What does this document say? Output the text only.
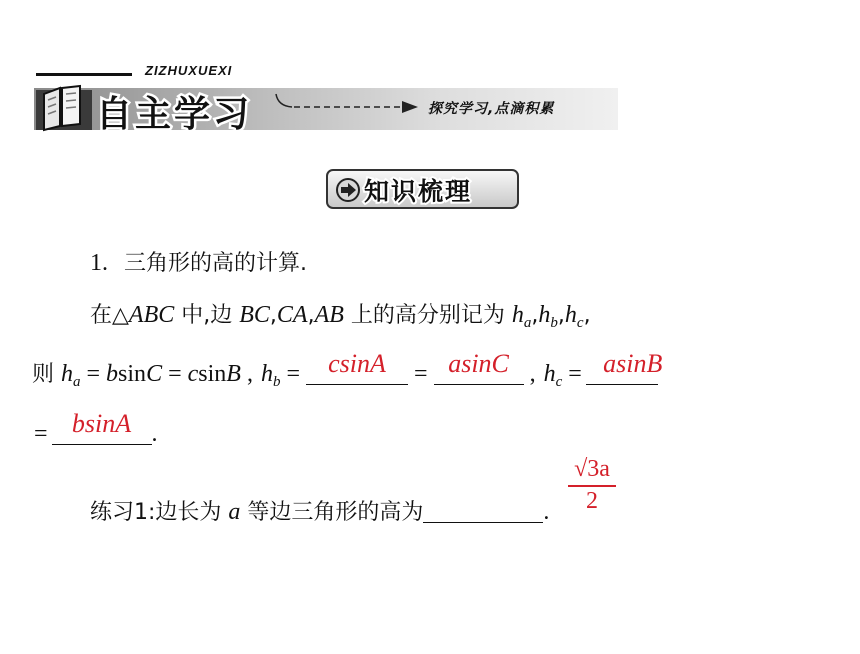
ZIZHUXUEXI
自主学习	探究学习,点滴积累
知识梳理
1. 三角形的高的计算.
在△ABC 中,边 BC,CA,AB 上的高分别记为 $h_a,h_b,h_c$,
则 $h_a = bsinC = csinB$ , $h_b = csinA = asinC$ , $h_c = asinB$
= bsinA .
练习1:边长为 a 等边三角形的高为	.
√3a
2
